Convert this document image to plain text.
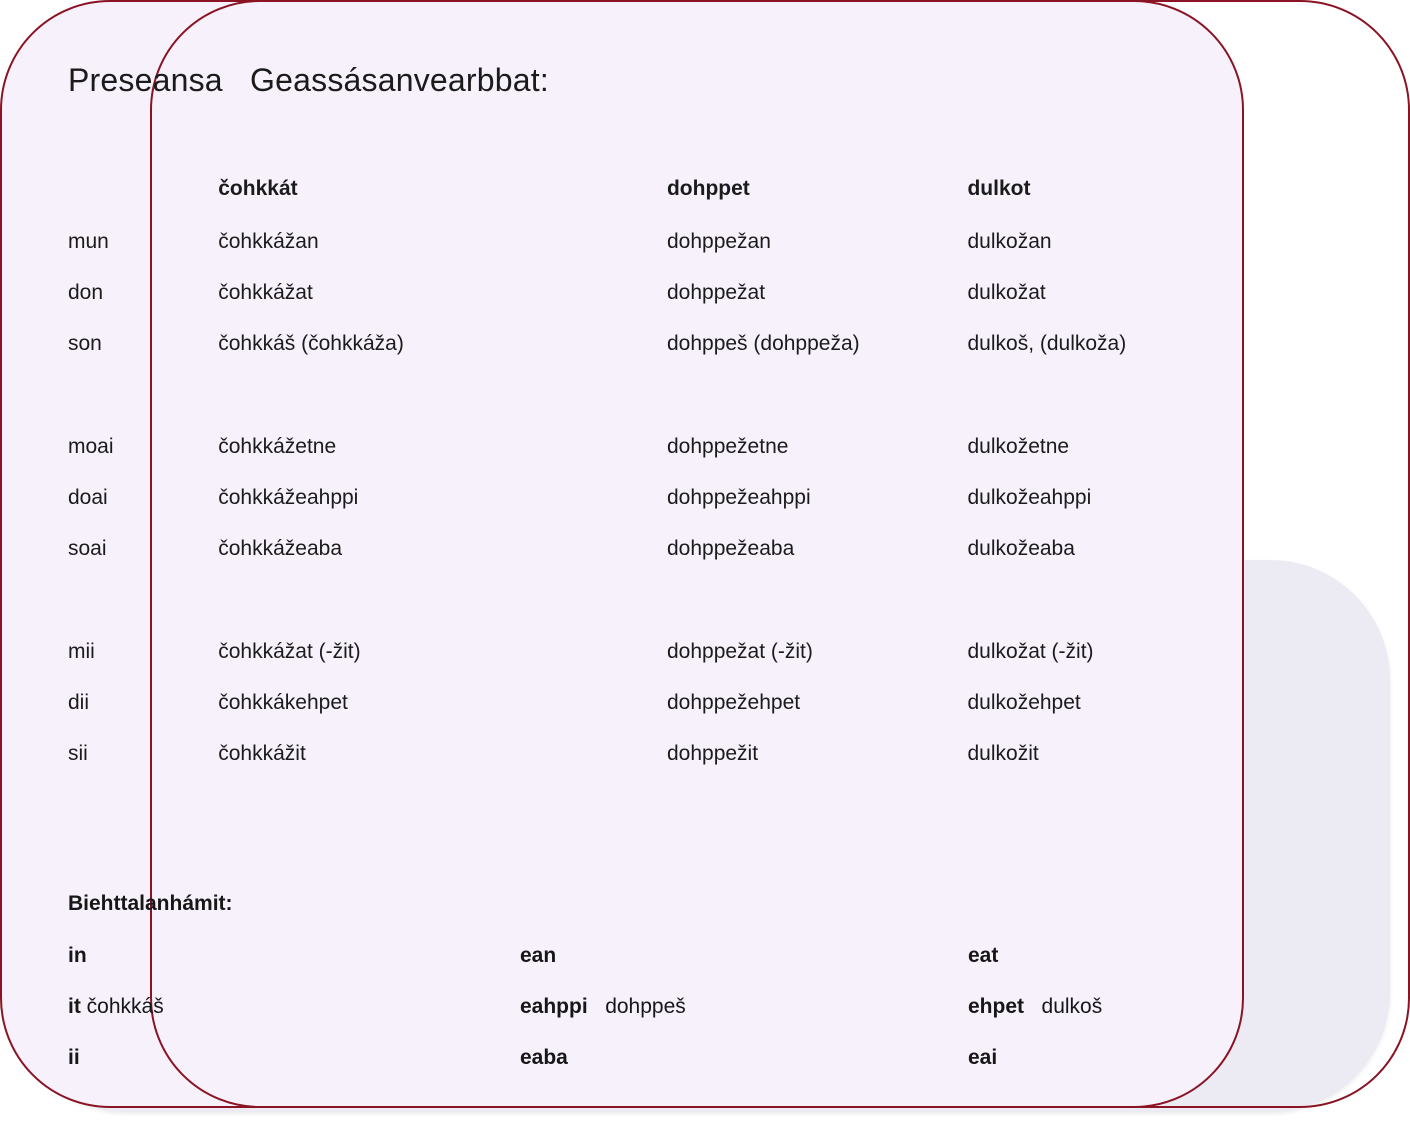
Preseansa   Geassásanvearbbat:
	čohkkát	dohppet	dulkot
mun	čohkkážan	dohppežan	dulkožan
don	čohkkážat	dohppežat	dulkožat
son	čohkkáš (čohkkáža)	dohppeš (dohppeža)	dulkoš, (dulkoža)

moai	čohkkážetne	dohppežetne	dulkožetne
doai	čohkkážeahppi	dohppežeahppi	dulkožeahppi
soai	čohkkážeaba	dohppežeaba	dulkožeaba

mii	čohkkážat (-žit)	dohppežat (-žit)	dulkožat (-žit)
dii	čohkkákehpet	dohppežehpet	dulkožehpet
sii	čohkkážit	dohppežit	dulkožit
Biehttalanhámit:
in	ean	eat
it čohkkáš	eahppi dohppeš	ehpet dulkoš
ii	eaba	eai
